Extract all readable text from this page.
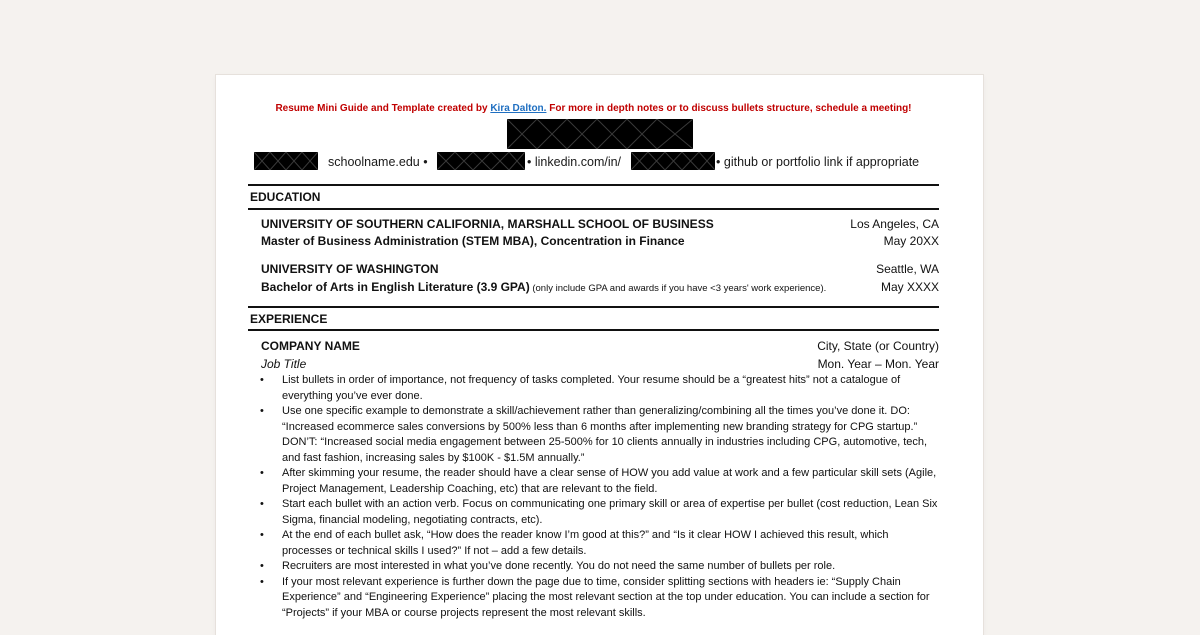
Resume Mini Guide and Template created by Kira Dalton. For more in depth notes or to discuss bullets structure, schedule a meeting!
schoolname.edu •	• linkedin.com/in/	• github or portfolio link if appropriate
EDUCATION
UNIVERSITY OF SOUTHERN CALIFORNIA, MARSHALL SCHOOL OF BUSINESS	Los Angeles, CA
Master of Business Administration (STEM MBA), Concentration in Finance	May 20XX
UNIVERSITY OF WASHINGTON	Seattle, WA
Bachelor of Arts in English Literature (3.9 GPA) (only include GPA and awards if you have <3 years' work experience).	May XXXX
EXPERIENCE
COMPANY NAME	City, State (or Country)
Job Title	Mon. Year – Mon. Year
• List bullets in order of importance, not frequency of tasks completed. Your resume should be a “greatest hits” not a catalogue of everything you’ve ever done.
• Use one specific example to demonstrate a skill/achievement rather than generalizing/combining all the times you’ve done it. DO: “Increased ecommerce sales conversions by 500% less than 6 months after implementing new branding strategy for CPG startup.” DON’T: “Increased social media engagement between 25-500% for 10 clients annually in industries including CPG, automotive, tech, and fast fashion, increasing sales by $100K - $1.5M annually.”
• After skimming your resume, the reader should have a clear sense of HOW you add value at work and a few particular skill sets (Agile, Project Management, Leadership Coaching, etc) that are relevant to the field.
• Start each bullet with an action verb. Focus on communicating one primary skill or area of expertise per bullet (cost reduction, Lean Six Sigma, financial modeling, negotiating contracts, etc).
• At the end of each bullet ask, “How does the reader know I’m good at this?” and “Is it clear HOW I achieved this result, which processes or technical skills I used?” If not – add a few details.
• Recruiters are most interested in what you’ve done recently. You do not need the same number of bullets per role.
• If your most relevant experience is further down the page due to time, consider splitting sections with headers ie: “Supply Chain Experience” and “Engineering Experience” placing the most relevant section at the top under education. You can include a section for “Projects” if your MBA or course projects represent the most relevant skills.
